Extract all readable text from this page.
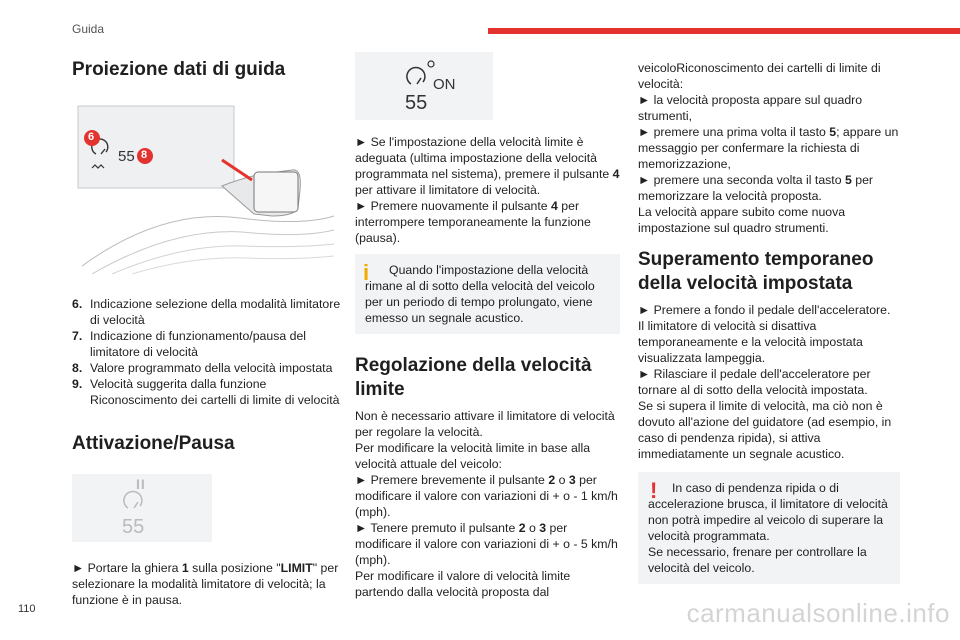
Guida
Proiezione dati di guida
6
8
55
6. Indicazione selezione della modalità limitatore di velocità
7. Indicazione di funzionamento/pausa del limitatore di velocità
8. Valore programmato della velocità impostata
9. Velocità suggerita dalla funzione Riconoscimento dei cartelli di limite di velocità
Attivazione/Pausa
II
55

► Portare la ghiera 1 sulla posizione "LIMIT" per selezionare la modalità limitatore di velocità; la funzione è in pausa.

ON
55

► Se l'impostazione della velocità limite è adeguata (ultima impostazione della velocità programmata nel sistema), premere il pulsante 4 per attivare il limitatore di velocità.

► Premere nuovamente il pulsante 4 per interrompere temporaneamente la funzione (pausa).

i	Quando l'impostazione della velocità rimane al di sotto della velocità del veicolo per un periodo di tempo prolungato, viene emesso un segnale acustico.

Regolazione della velocità limite

Non è necessario attivare il limitatore di velocità per regolare la velocità.

Per modificare la velocità limite in base alla velocità attuale del veicolo:

► Premere brevemente il pulsante 2 o 3 per modificare il valore con variazioni di + o - 1 km/h (mph).

► Tenere premuto il pulsante 2 o 3 per modificare il valore con variazioni di + o - 5 km/h (mph).

Per modificare il valore di velocità limite partendo dalla velocità proposta dal

veicoloRiconoscimento dei cartelli di limite di velocità:

► la velocità proposta appare sul quadro strumenti,

► premere una prima volta il tasto 5; appare un messaggio per confermare la richiesta di memorizzazione,

► premere una seconda volta il tasto 5 per memorizzare la velocità proposta.

La velocità appare subito come nuova impostazione sul quadro strumenti.

Superamento temporaneo della velocità impostata

► Premere a fondo il pedale dell'acceleratore.

Il limitatore di velocità si disattiva temporaneamente e la velocità impostata visualizzata lampeggia.

► Rilasciare il pedale dell'acceleratore per tornare al di sotto della velocità impostata.

Se si supera il limite di velocità, ma ciò non è dovuto all'azione del guidatore (ad esempio, in caso di pendenza ripida), si attiva immediatamente un segnale acustico.

!	In caso di pendenza ripida o di accelerazione brusca, il limitatore di velocità non potrà impedire al veicolo di superare la velocità programmata.

Se necessario, frenare per controllare la velocità del veicolo.

110	carmanualsonline.info
